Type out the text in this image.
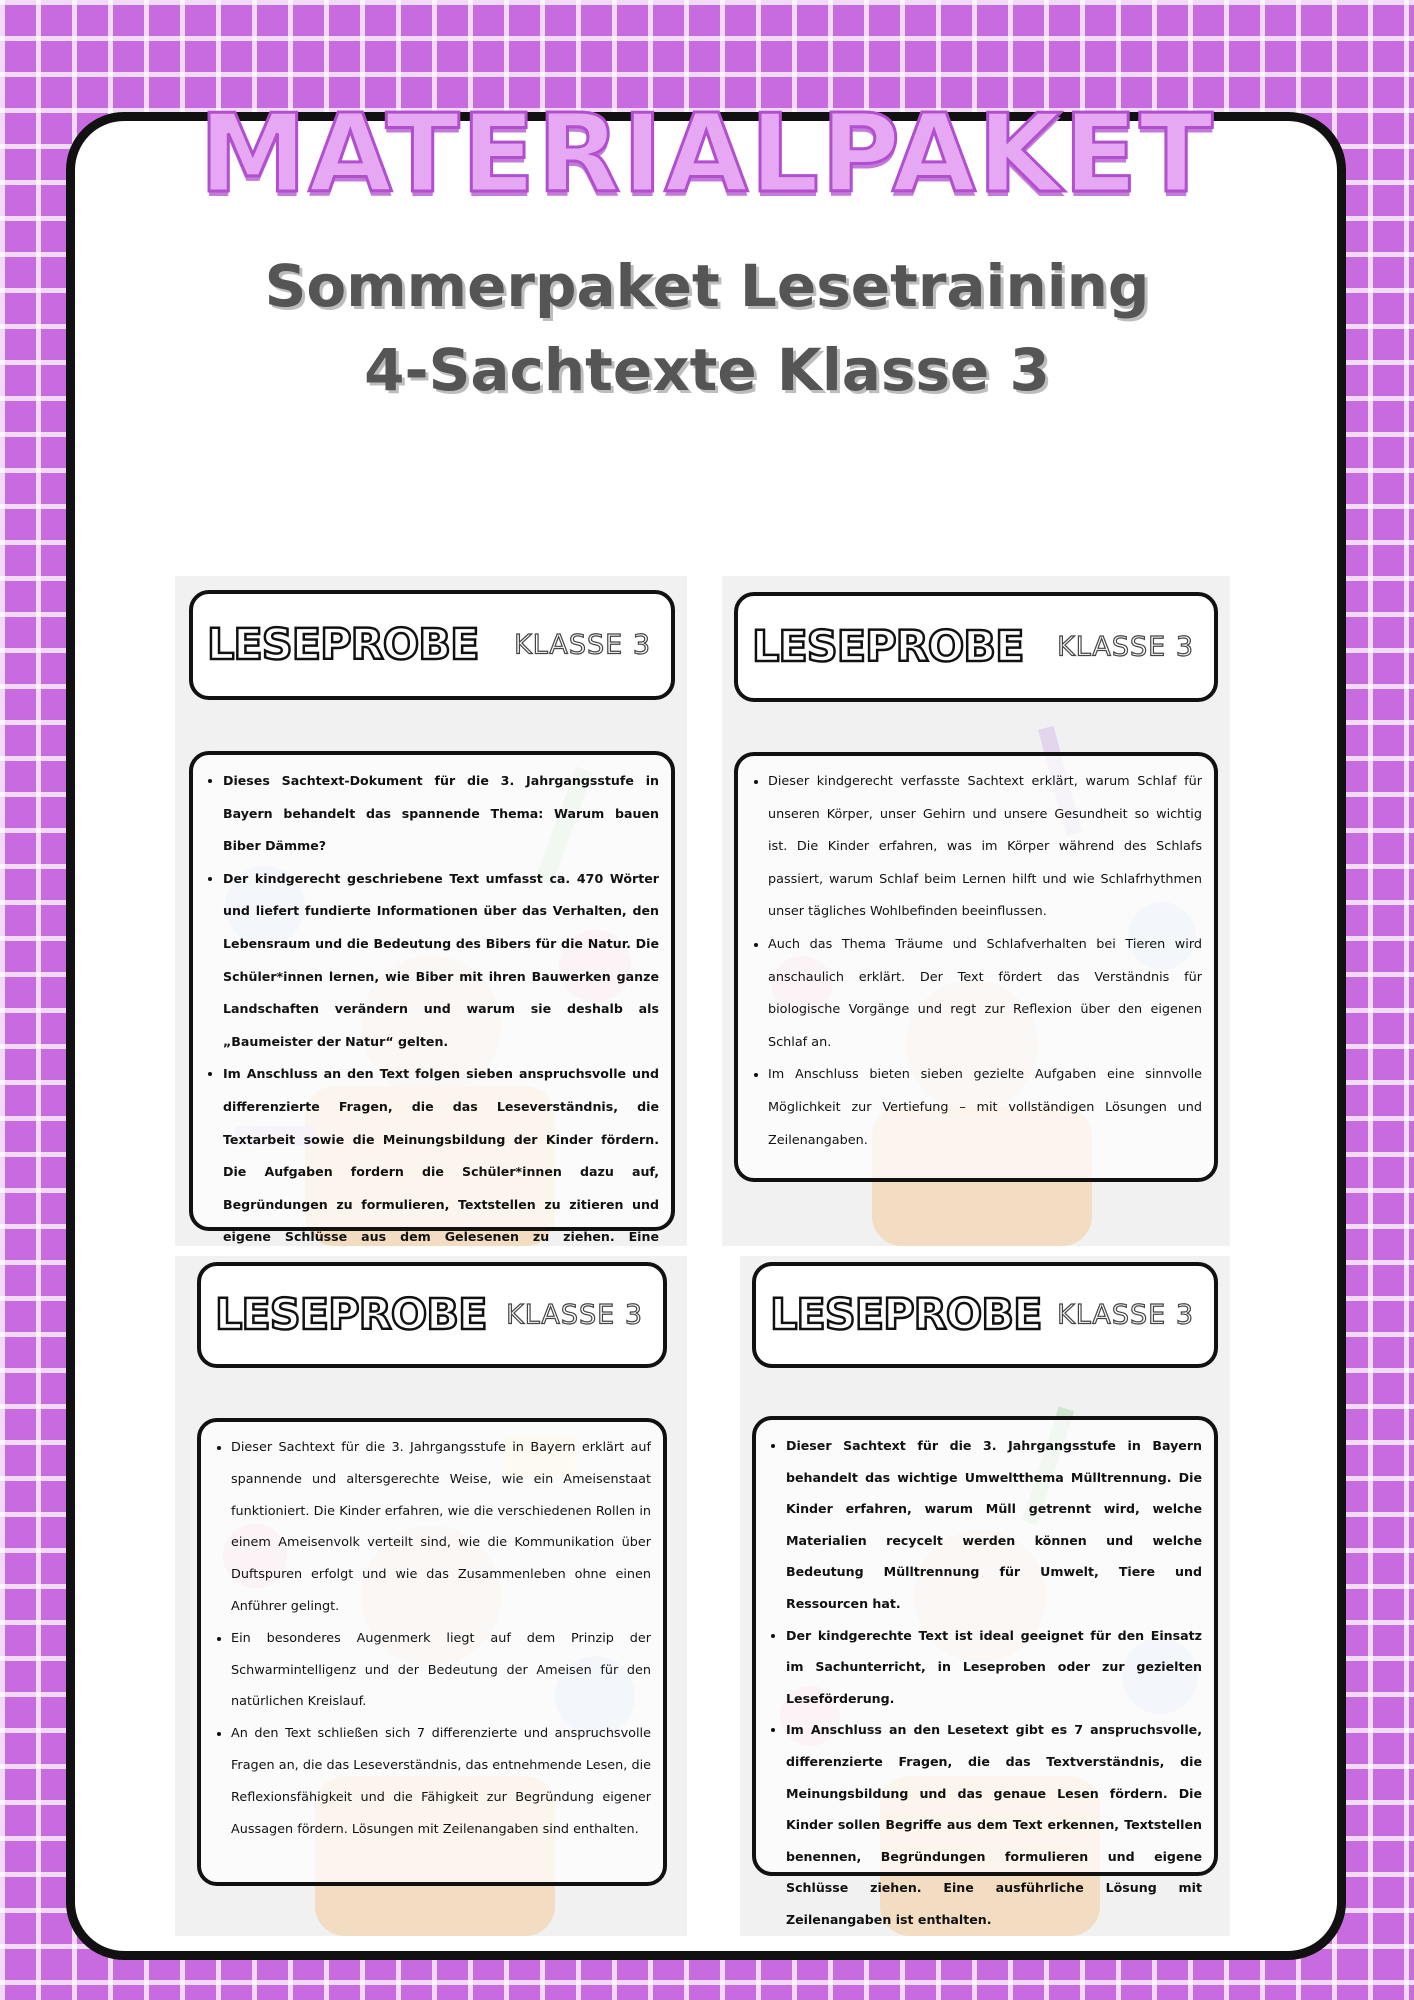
MATERIALPAKET
Sommerpaket Lesetraining
4-Sachtexte Klasse 3
LESEPROBE KLASSE 3
• Dieses Sachtext-Dokument für die 3. Jahrgangsstufe in Bayern behandelt das spannende Thema: Warum bauen Biber Dämme?
• Der kindgerecht geschriebene Text umfasst ca. 470 Wörter und liefert fundierte Informationen über das Verhalten, den Lebensraum und die Bedeutung des Bibers für die Natur. Die Schüler*innen lernen, wie Biber mit ihren Bauwerken ganze Landschaften verändern und warum sie deshalb als „Baumeister der Natur“ gelten.
• Im Anschluss an den Text folgen sieben anspruchsvolle und differenzierte Fragen, die das Leseverständnis, die Textarbeit sowie die Meinungsbildung der Kinder fördern. Die Aufgaben fordern die Schüler*innen dazu auf, Begründungen zu formulieren, Textstellen zu zitieren und eigene Schlüsse aus dem Gelesenen zu ziehen. Eine
LESEPROBE KLASSE 3
• Dieser kindgerecht verfasste Sachtext erklärt, warum Schlaf für unseren Körper, unser Gehirn und unsere Gesundheit so wichtig ist. Die Kinder erfahren, was im Körper während des Schlafs passiert, warum Schlaf beim Lernen hilft und wie Schlafrhythmen unser tägliches Wohlbefinden beeinflussen.
• Auch das Thema Träume und Schlafverhalten bei Tieren wird anschaulich erklärt. Der Text fördert das Verständnis für biologische Vorgänge und regt zur Reflexion über den eigenen Schlaf an.
• Im Anschluss bieten sieben gezielte Aufgaben eine sinnvolle Möglichkeit zur Vertiefung – mit vollständigen Lösungen und Zeilenangaben.
LESEPROBE KLASSE 3
• Dieser Sachtext für die 3. Jahrgangsstufe in Bayern erklärt auf spannende und altersgerechte Weise, wie ein Ameisenstaat funktioniert. Die Kinder erfahren, wie die verschiedenen Rollen in einem Ameisenvolk verteilt sind, wie die Kommunikation über Duftspuren erfolgt und wie das Zusammenleben ohne einen Anführer gelingt.
• Ein besonderes Augenmerk liegt auf dem Prinzip der Schwarmintelligenz und der Bedeutung der Ameisen für den natürlichen Kreislauf.
• An den Text schließen sich 7 differenzierte und anspruchsvolle Fragen an, die das Leseverständnis, das entnehmende Lesen, die Reflexionsfähigkeit und die Fähigkeit zur Begründung eigener Aussagen fördern. Lösungen mit Zeilenangaben sind enthalten.
LESEPROBE KLASSE 3
• Dieser Sachtext für die 3. Jahrgangsstufe in Bayern behandelt das wichtige Umweltthema Mülltrennung. Die Kinder erfahren, warum Müll getrennt wird, welche Materialien recycelt werden können und welche Bedeutung Mülltrennung für Umwelt, Tiere und Ressourcen hat.
• Der kindgerechte Text ist ideal geeignet für den Einsatz im Sachunterricht, in Leseproben oder zur gezielten Leseförderung.
• Im Anschluss an den Lesetext gibt es 7 anspruchsvolle, differenzierte Fragen, die das Textverständnis, die Meinungsbildung und das genaue Lesen fördern. Die Kinder sollen Begriffe aus dem Text erkennen, Textstellen benennen, Begründungen formulieren und eigene Schlüsse ziehen. Eine ausführliche Lösung mit Zeilenangaben ist enthalten.
